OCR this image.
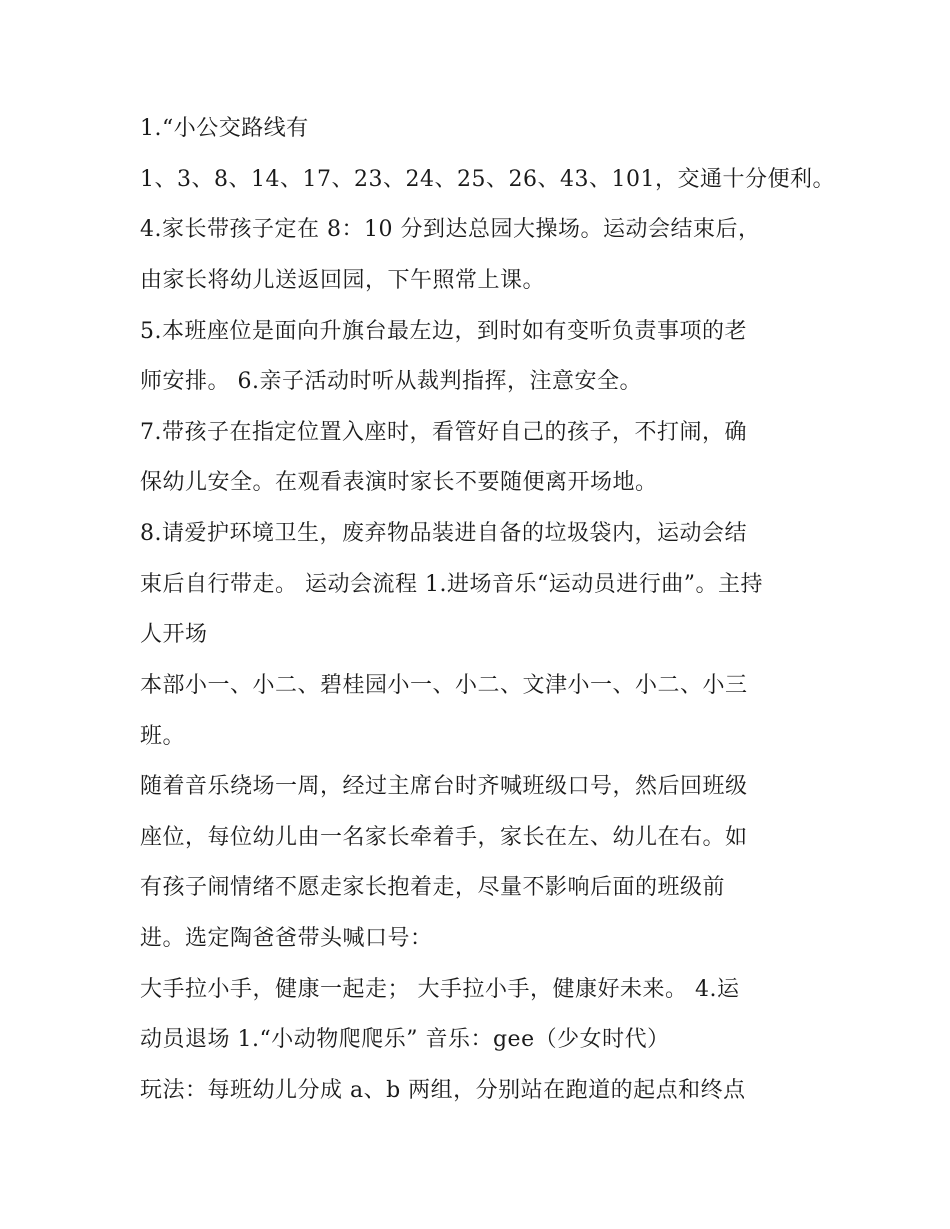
1.“小公交路线有
1、3、8、14、17、23、24、25、26、43、101，交通十分便利。
4.家长带孩子定在 8：10 分到达总园大操场。运动会结束后，
由家长将幼儿送返回园，下午照常上课。
5.本班座位是面向升旗台最左边，到时如有变听负责事项的老
师安排。 6.亲子活动时听从裁判指挥，注意安全。
7.带孩子在指定位置入座时，看管好自己的孩子，不打闹，确
保幼儿安全。在观看表演时家长不要随便离开场地。
8.请爱护环境卫生，废弃物品装进自备的垃圾袋内，运动会结
束后自行带走。 运动会流程 1.进场音乐“运动员进行曲”。主持
人开场
本部小一、小二、碧桂园小一、小二、文津小一、小二、小三
班。
随着音乐绕场一周，经过主席台时齐喊班级口号，然后回班级
座位，每位幼儿由一名家长牵着手，家长在左、幼儿在右。如
有孩子闹情绪不愿走家长抱着走，尽量不影响后面的班级前
进。选定陶爸爸带头喊口号：
大手拉小手，健康一起走； 大手拉小手，健康好未来。 4.运
动员退场 1.“小动物爬爬乐” 音乐：gee（少女时代）
玩法：每班幼儿分成 a、b 两组，分别站在跑道的起点和终点
